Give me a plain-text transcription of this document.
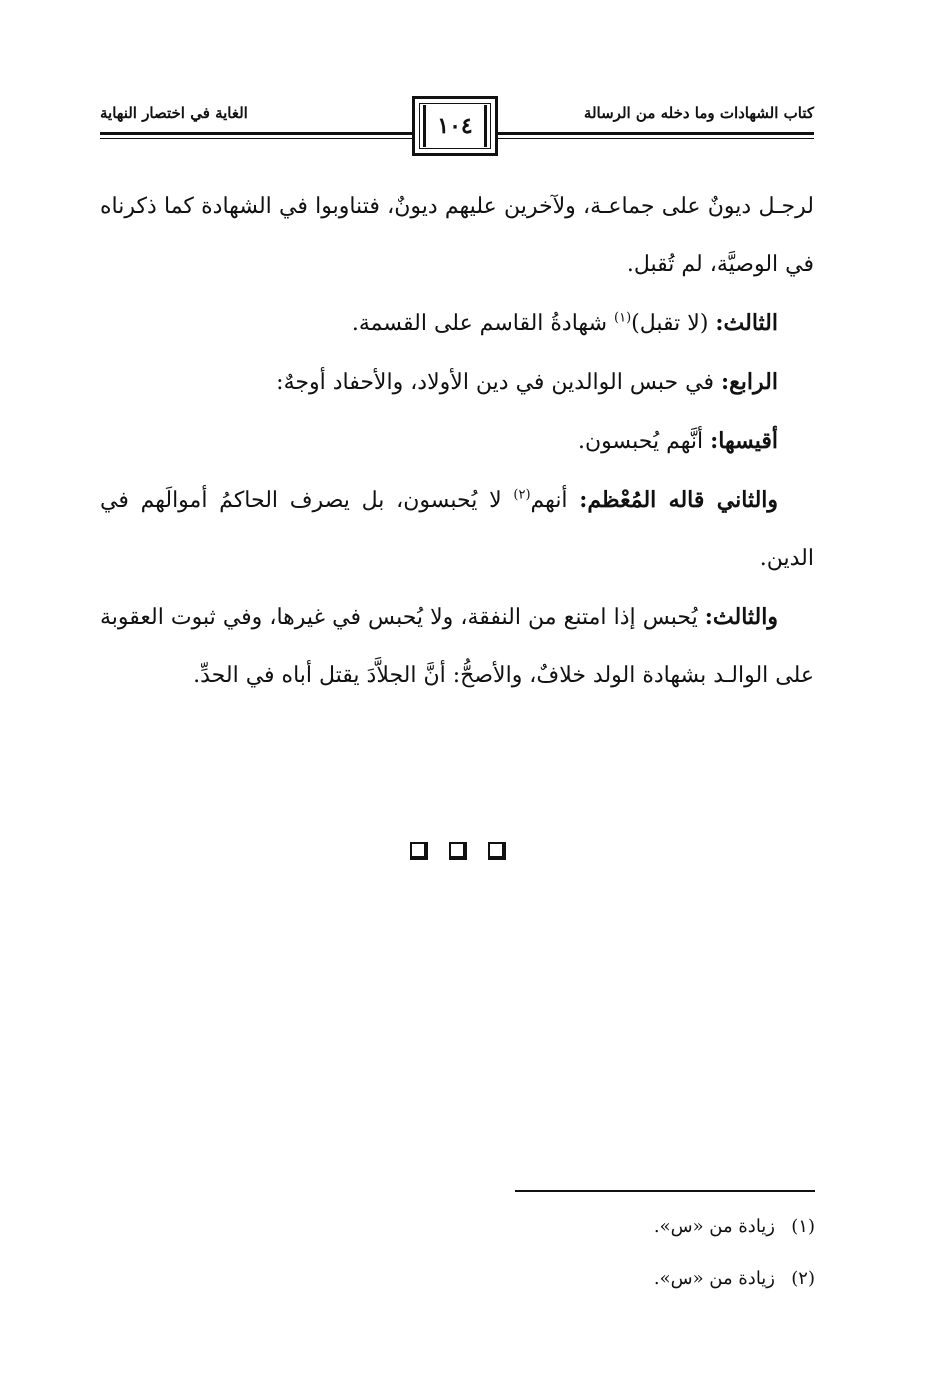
كتاب الشهادات وما دخله من الرسالة
الغاية في اختصار النهاية	١٠٤

لرجـل ديونٌ على جماعـة، ولآخرين عليهم ديونٌ، فتناوبوا في الشهادة كما ذكرناه في الوصيَّة، لم تُقبل.

الثالث: (لا تقبل)$^{(١)}$ شهادةُ القاسم على القسمة.

الرابع: في حبس الوالدين في دين الأولاد، والأحفاد أوجهٌ:

أقيسها: أنَّهم يُحبسون.

والثاني قاله المُعْظم: أنهم$^{(٢)}$ لا يُحبسون، بل يصرف الحاكمُ أموالَهم في الدين.

والثالث: يُحبس إذا امتنع من النفقة، ولا يُحبس في غيرها، وفي ثبوت العقوبة على الوالـد بشهادة الولد خلافٌ، والأصحُّ: أنَّ الجلاَّدَ يقتل أباه في الحدِّ.

(١)زيادة من «س».
(٢)زيادة من «س».
